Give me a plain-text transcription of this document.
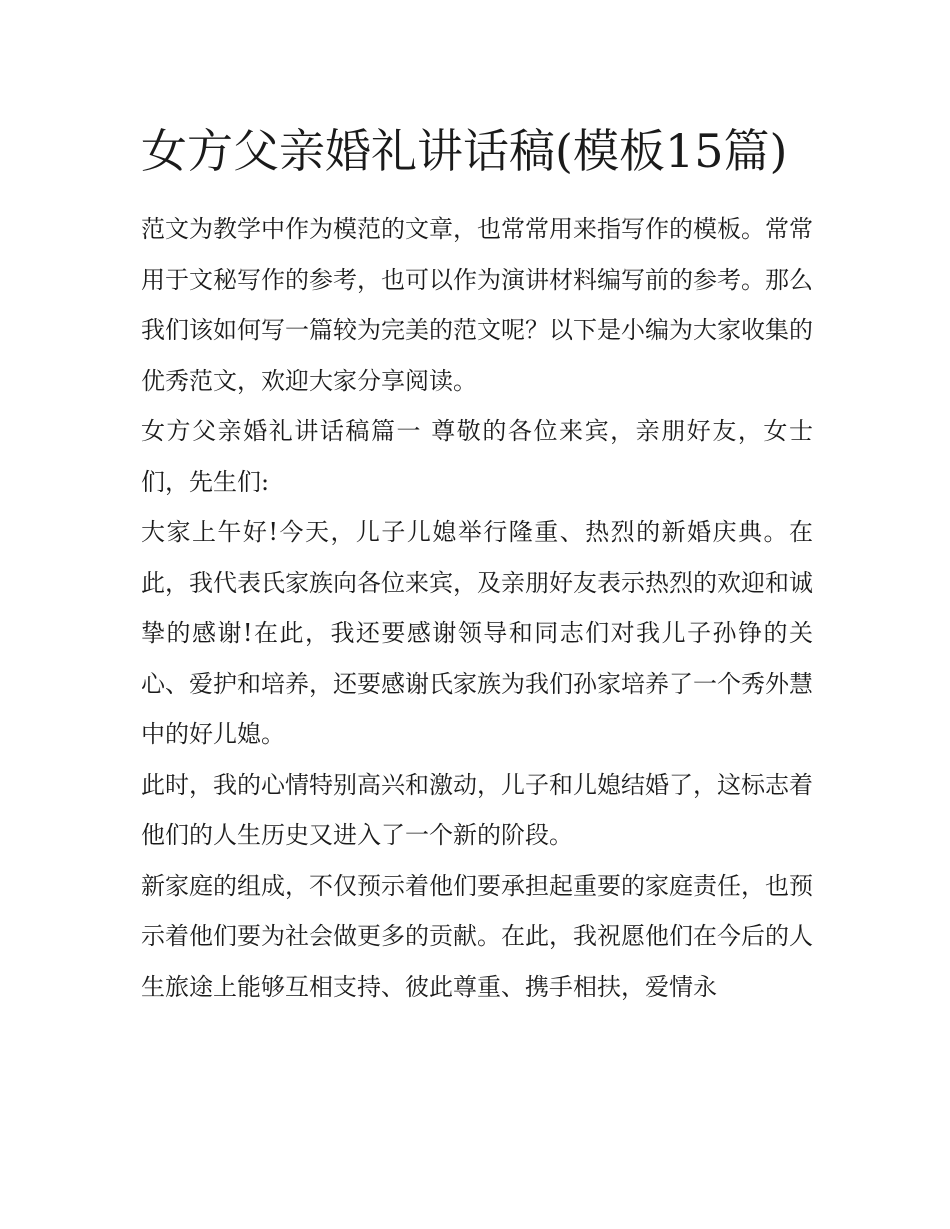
女方父亲婚礼讲话稿(模板15篇)

范文为教学中作为模范的文章，也常常用来指写作的模板。常常用于文秘写作的参考，也可以作为演讲材料编写前的参考。那么我们该如何写一篇较为完美的范文呢？以下是小编为大家收集的优秀范文，欢迎大家分享阅读。

女方父亲婚礼讲话稿篇一 尊敬的各位来宾，亲朋好友，女士们，先生们:

大家上午好!今天，儿子儿媳举行隆重、热烈的新婚庆典。在此，我代表氏家族向各位来宾，及亲朋好友表示热烈的欢迎和诚挚的感谢!在此，我还要感谢领导和同志们对我儿子孙铮的关心、爱护和培养，还要感谢氏家族为我们孙家培养了一个秀外慧中的好儿媳。

此时，我的心情特别高兴和激动，儿子和儿媳结婚了，这标志着他们的人生历史又进入了一个新的阶段。

新家庭的组成，不仅预示着他们要承担起重要的家庭责任，也预示着他们要为社会做更多的贡献。在此，我祝愿他们在今后的人生旅途上能够互相支持、彼此尊重、携手相扶，爱情永
